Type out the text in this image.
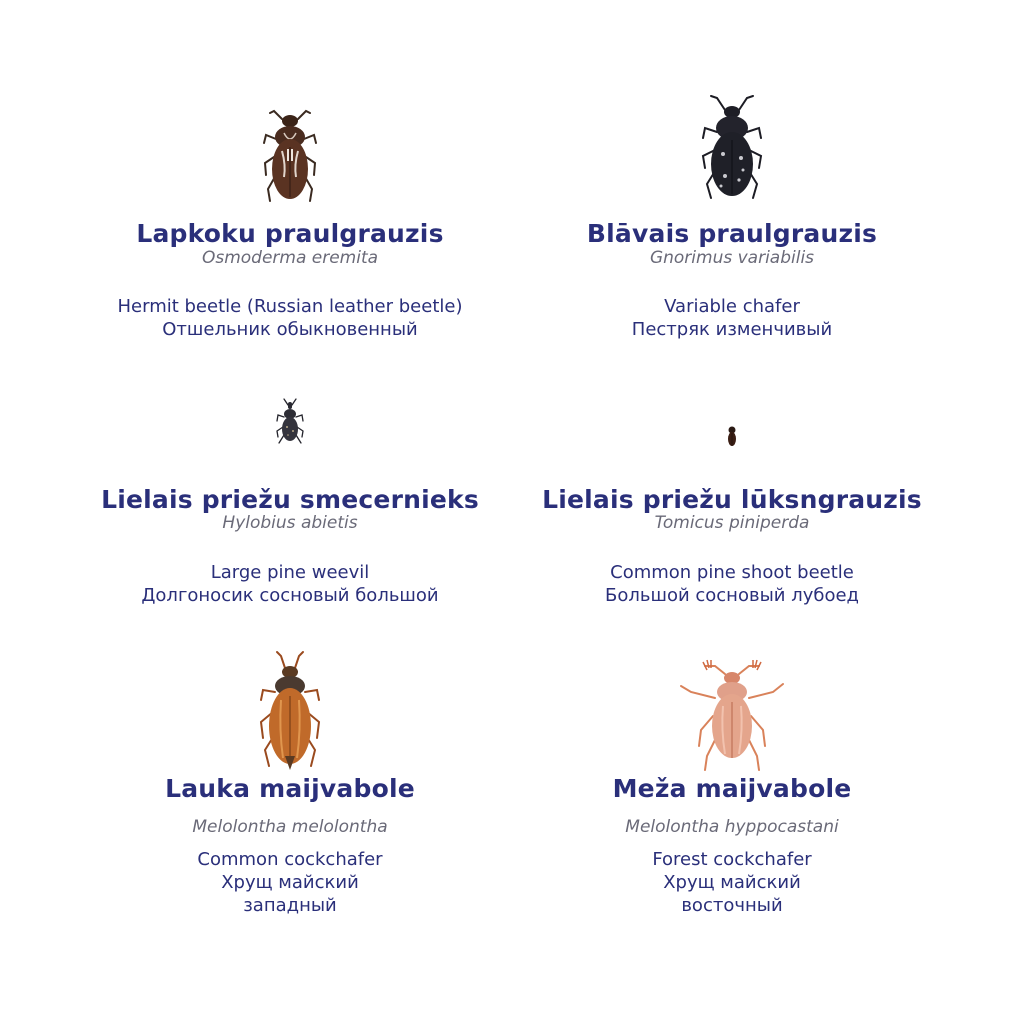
Lapkoku praulgrauzis
Osmoderma eremita
Hermit beetle (Russian leather beetle)
Отшельник обыкновенный
Blāvais praulgrauzis
Gnorimus variabilis
Variable chafer
Пестряк изменчивый
Lielais priežu smecernieks
Hylobius abietis
Large pine weevil
Долгоносик сосновый большой
Lielais priežu lūksngrauzis
Tomicus piniperda
Common pine shoot beetle
Большой сосновый лубоед
Lauka maijvabole
Melolontha melolontha
Common cockchafer
Хрущ майский
западный
Meža maijvabole
Melolontha hyppocastani
Forest cockchafer
Хрущ майский
восточный
